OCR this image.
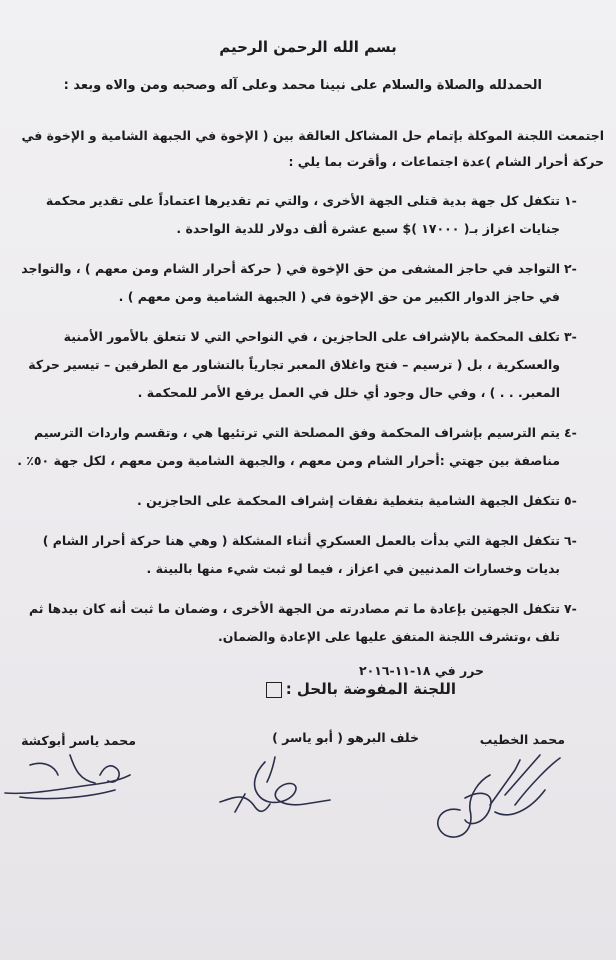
بسم الله الرحمن الرحيم
الحمدلله والصلاة والسلام على نبينا محمد وعلى آله وصحبه ومن والاه وبعد :
اجتمعت اللجنة الموكلة بإتمام حل المشاكل العالقة بين ( الإخوة في الجبهة الشامية و الإخوة في حركة أحرار الشام )عدة اجتماعات ، وأقرت بما يلي :
-١
تتكفل كل جهة بدية قتلى الجهة الأخرى ، والتي تم تقديرها اعتماداً على تقدير محكمة جنايات اعزاز بـ( ١٧٠٠٠ )$ سبع عشرة ألف دولار للدية الواحدة .
-٢
التواجد في حاجز المشفى من حق الإخوة في ( حركة أحرار الشام ومن معهم ) ، والتواجد في حاجز الدوار الكبير من حق الإخوة في ( الجبهة الشامية ومن معهم ) .
-٣
تكلف المحكمة بالإشراف على الحاجزين ، في النواحي التي لا تتعلق بالأمور الأمنية والعسكرية ، بل ( ترسيم – فتح واغلاق المعبر تجارياً بالتشاور مع الطرفين – تيسير حركة المعبر. . . ) ، وفي حال وجود أي خلل في العمل يرفع الأمر للمحكمة .
-٤
يتم الترسيم بإشراف المحكمة وفق المصلحة التي ترتئيها هي ، وتقسم واردات الترسيم مناصفة بين جهتي :أحرار الشام ومن معهم ، والجبهة الشامية ومن معهم ، لكل جهة ٥٠٪ .
-٥
تتكفل الجبهة الشامية بتغطية نفقات إشراف المحكمة على الحاجزين .
-٦
تتكفل الجهة التي بدأت بالعمل العسكري أثناء المشكلة ( وهي هنا حركة أحرار الشام ) بديات وخسارات المدنيين في اعزاز ، فيما لو ثبت شيء منها بالبينة .
-٧
تتكفل الجهتين بإعادة ما تم مصادرته من الجهة الأخرى ، وضمان ما ثبت أنه كان بيدها ثم تلف ،وتشرف اللجنة المتفق عليها على الإعادة والضمان.
حرر في ١٨-١١-٢٠١٦
اللجنة المفوضة بالحل :
محمد الخطيب
خلف البرهو ( أبو ياسر )
محمد ياسر أبوكشة
